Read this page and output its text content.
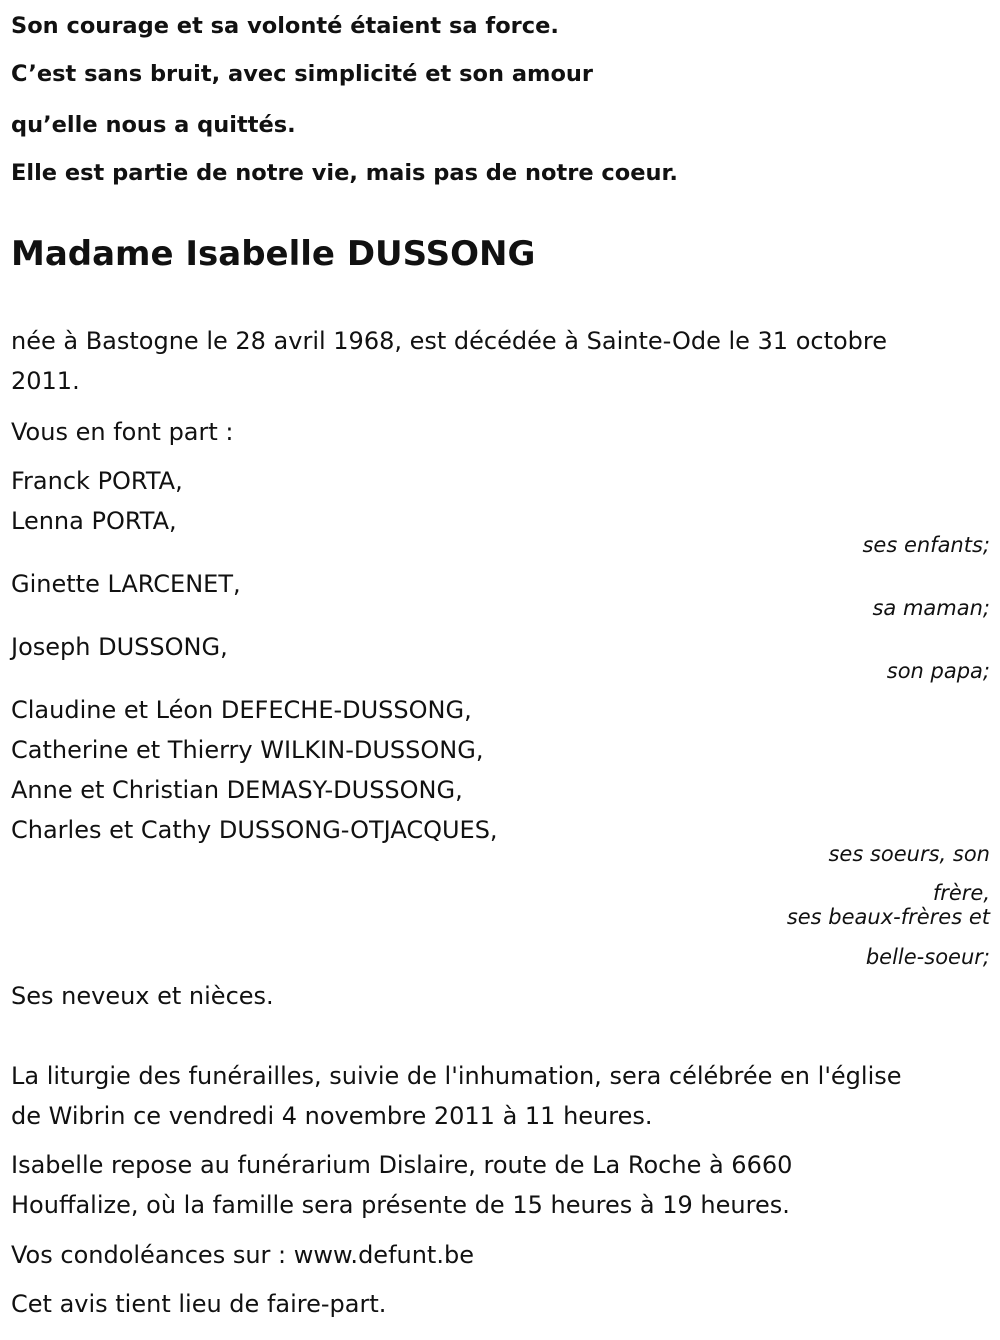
Son courage et sa volonté étaient sa force.
C’est sans bruit, avec simplicité et son amour
qu’elle nous a quittés.
Elle est partie de notre vie, mais pas de notre coeur.
Madame Isabelle DUSSONG
née à Bastogne le 28 avril 1968, est décédée à Sainte-Ode le 31 octobre
2011.
Vous en font part :
Franck PORTA,
Lenna PORTA,
ses enfants;
Ginette LARCENET,
sa maman;
Joseph DUSSONG,
son papa;
Claudine et Léon DEFECHE-DUSSONG,
Catherine et Thierry WILKIN-DUSSONG,
Anne et Christian DEMASY-DUSSONG,
Charles et Cathy DUSSONG-OTJACQUES,
ses soeurs, son
frère,
ses beaux-frères et
belle-soeur;
Ses neveux et nièces.
La liturgie des funérailles, suivie de l'inhumation, sera célébrée en l'église
de Wibrin ce vendredi 4 novembre 2011 à 11 heures.
Isabelle repose au funérarium Dislaire, route de La Roche à 6660
Houffalize, où la famille sera présente de 15 heures à 19 heures.
Vos condoléances sur : www.defunt.be
Cet avis tient lieu de faire-part.
